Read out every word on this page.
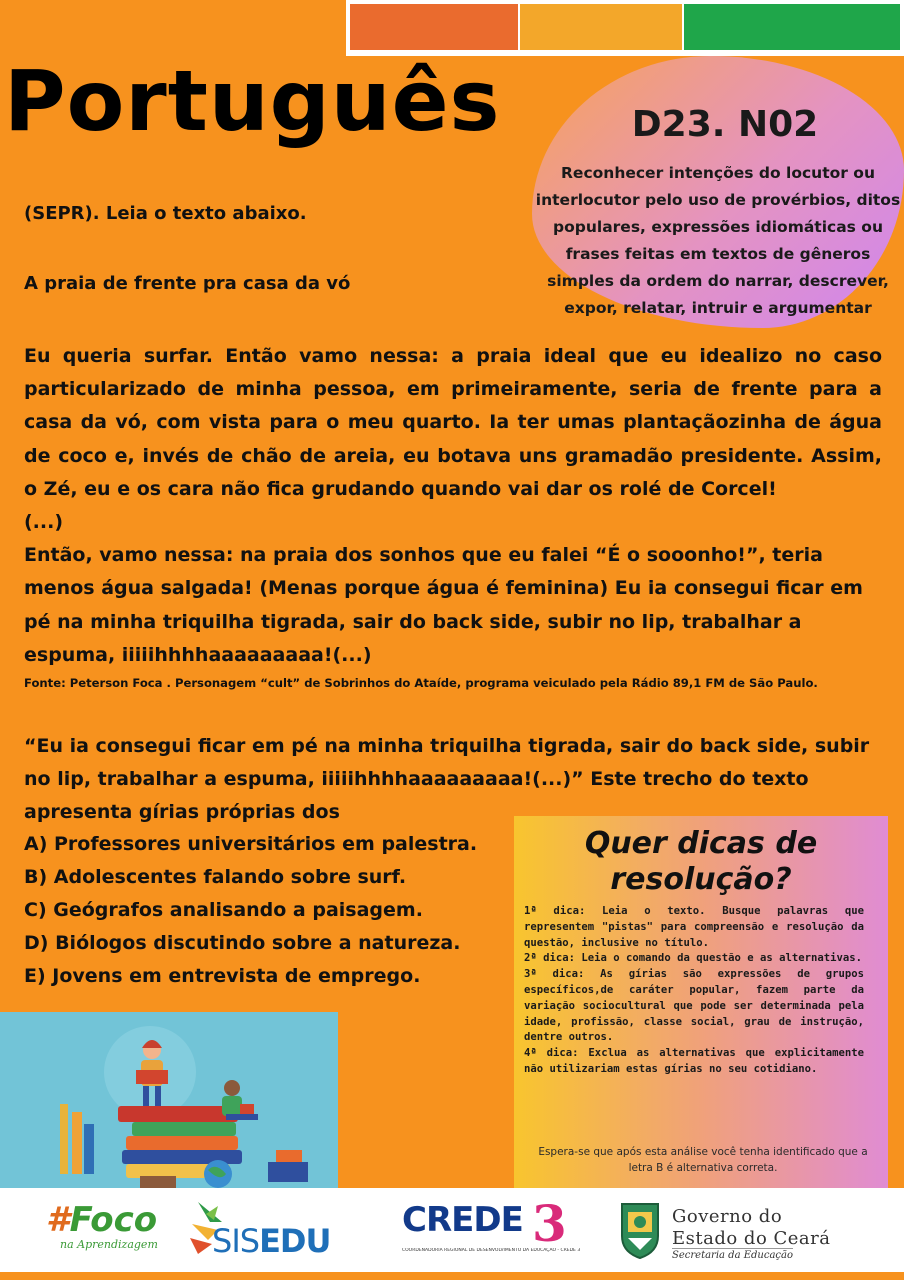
Português	D23. N02
Reconhecer intenções do locutor ou interlocutor pelo uso de provérbios, ditos populares, expressões idiomáticas ou frases feitas em textos de gêneros simples da ordem do narrar, descrever, expor, relatar, intruir e argumentar
(SEPR). Leia o texto abaixo.
A praia de frente pra casa da vó

Eu queria surfar. Então vamo nessa: a praia ideal que eu idealizo no caso particularizado de minha pessoa, em primeiramente, seria de frente para a casa da vó, com vista para o meu quarto. Ia ter umas plantaçãozinha de água de coco e, invés de chão de areia, eu botava uns gramadão presidente. Assim, o Zé, eu e os cara não fica grudando quando vai dar os rolé de Corcel!

(...)

Então, vamo nessa: na praia dos sonhos que eu falei “É o sooonho!”, teria menos água salgada! (Menas porque água é feminina) Eu ia consegui ficar em pé na minha triquilha tigrada, sair do back side, subir no lip, trabalhar a espuma, iiiiihhhhaaaaaaaaa!(...)

Fonte: Peterson Foca . Personagem “cult” de Sobrinhos do Ataíde, programa veiculado pela Rádio 89,1 FM de São Paulo.
“Eu ia consegui ficar em pé na minha triquilha tigrada, sair do back side, subir no lip, trabalhar a espuma, iiiiihhhhaaaaaaaaa!(...)” Este trecho do texto apresenta gírias próprias dos
A) Professores universitários em palestra.
B) Adolescentes falando sobre surf.
C) Geógrafos analisando a paisagem.
D) Biólogos discutindo sobre a natureza.
E) Jovens em entrevista de emprego.
Quer dicas de resolução?
1ª dica: Leia o texto. Busque palavras que representem "pistas" para compreensão e resolução da questão, inclusive no título.
2ª dica: Leia o comando da questão e as alternativas.
3ª dica: As gírias são expressões de grupos específicos,de caráter popular, fazem parte da variação sociocultural que pode ser determinada pela idade, profissão, classe social, grau de instrução, dentre outros.
4ª dica: Exclua as alternativas que explicitamente não utilizariam estas gírias no seu cotidiano.
Espera-se que após esta análise você tenha identificado que a letra B é alternativa correta.
#Foco
na Aprendizagem SISEDU
CREDE 3
COORDENADORIA REGIONAL DE DESENVOLVIMENTO DA EDUCAÇÃO - CREDE 3
Governo do
Estado do Ceará
Secretaria da Educação
